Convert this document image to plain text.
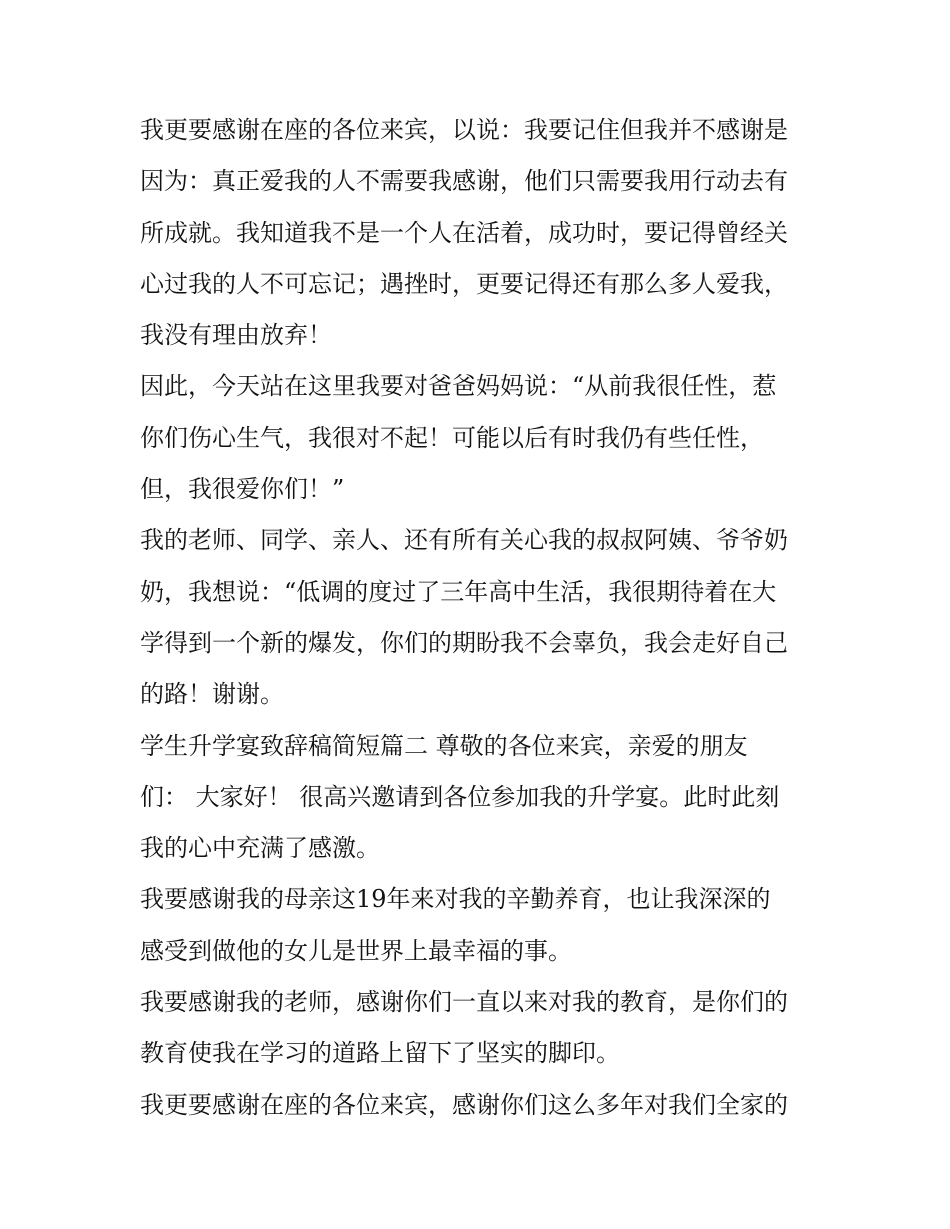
我更要感谢在座的各位来宾，以说：我要记住但我并不感谢是
因为：真正爱我的人不需要我感谢，他们只需要我用行动去有
所成就。我知道我不是一个人在活着，成功时，要记得曾经关
心过我的人不可忘记；遇挫时，更要记得还有那么多人爱我，
我没有理由放弃！
因此，今天站在这里我要对爸爸妈妈说：“从前我很任性，惹
你们伤心生气，我很对不起！可能以后有时我仍有些任性，
但，我很爱你们！”
我的老师、同学、亲人、还有所有关心我的叔叔阿姨、爷爷奶
奶，我想说：“低调的度过了三年高中生活，我很期待着在大
学得到一个新的爆发，你们的期盼我不会辜负，我会走好自己
的路！谢谢。
学生升学宴致辞稿简短篇二 尊敬的各位来宾，亲爱的朋友
们： 大家好！ 很高兴邀请到各位参加我的升学宴。此时此刻
我的心中充满了感激。
我要感谢我的母亲这19年来对我的辛勤养育，也让我深深的
感受到做他的女儿是世界上最幸福的事。
我要感谢我的老师，感谢你们一直以来对我的教育，是你们的
教育使我在学习的道路上留下了坚实的脚印。
我更要感谢在座的各位来宾，感谢你们这么多年对我们全家的
